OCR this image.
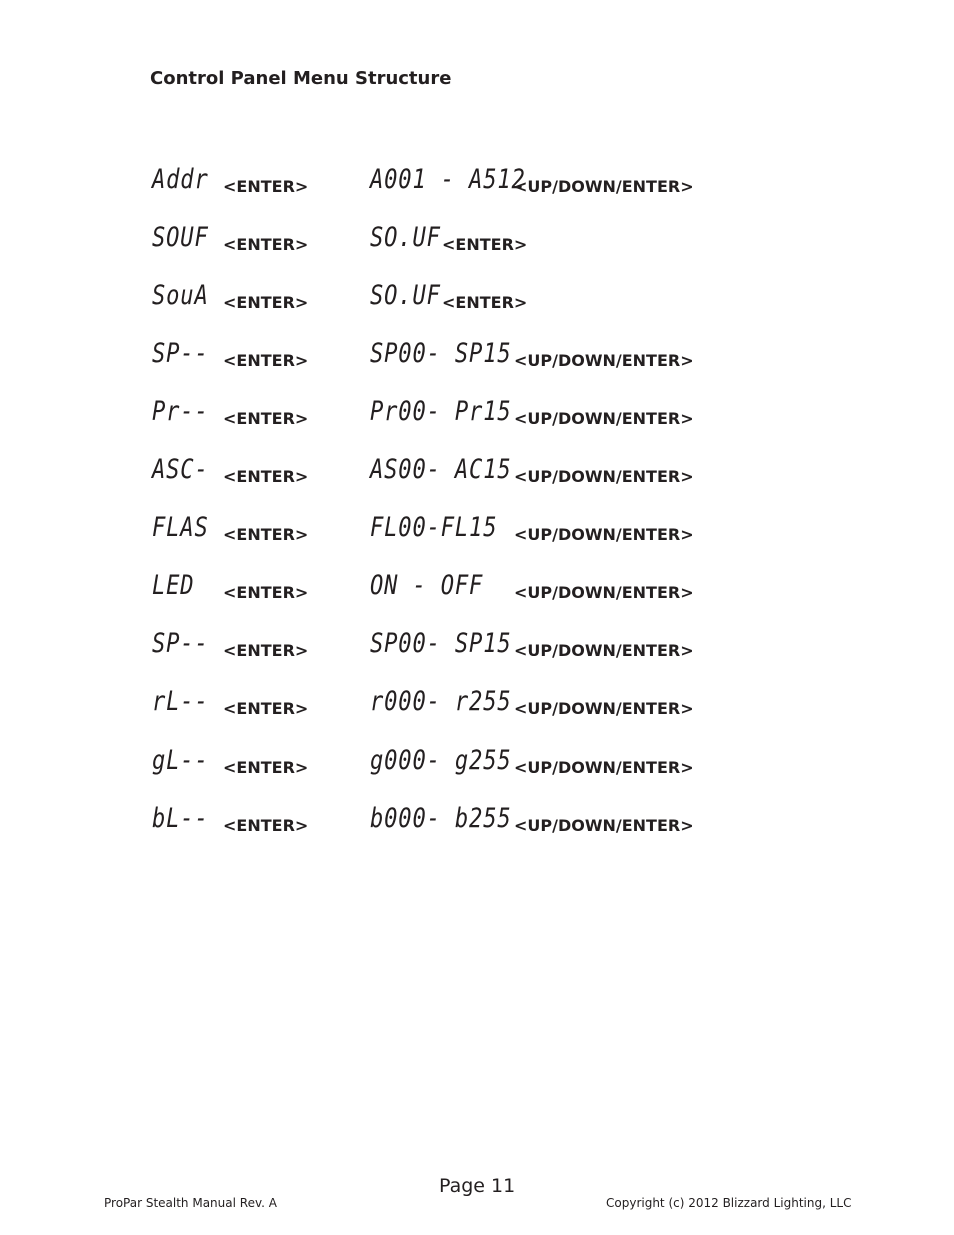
Control Panel Menu Structure
Addr <ENTER> A001 - A512
<UP/DOWN/ENTER>
SOUF <ENTER> SO.UF <ENTER>
SouA <ENTER> SO.UF <ENTER>
SP-- <ENTER> SP00- SP15 <UP/DOWN/ENTER>
Pr-- <ENTER> Pr00- Pr15 <UP/DOWN/ENTER>
ASC- <ENTER> AS00- AC15 <UP/DOWN/ENTER>
FLAS <ENTER> FL00-FL15 <UP/DOWN/ENTER>
LED <ENTER> ON - OFF <UP/DOWN/ENTER>
SP-- <ENTER> SP00- SP15 <UP/DOWN/ENTER>
rL-- <ENTER> r000- r255 <UP/DOWN/ENTER>
gL-- <ENTER> g000- g255 <UP/DOWN/ENTER>
bL-- <ENTER> b000- b255 <UP/DOWN/ENTER>
Page 11
ProPar Stealth Manual Rev. A	Copyright (c) 2012 Blizzard Lighting, LLC
